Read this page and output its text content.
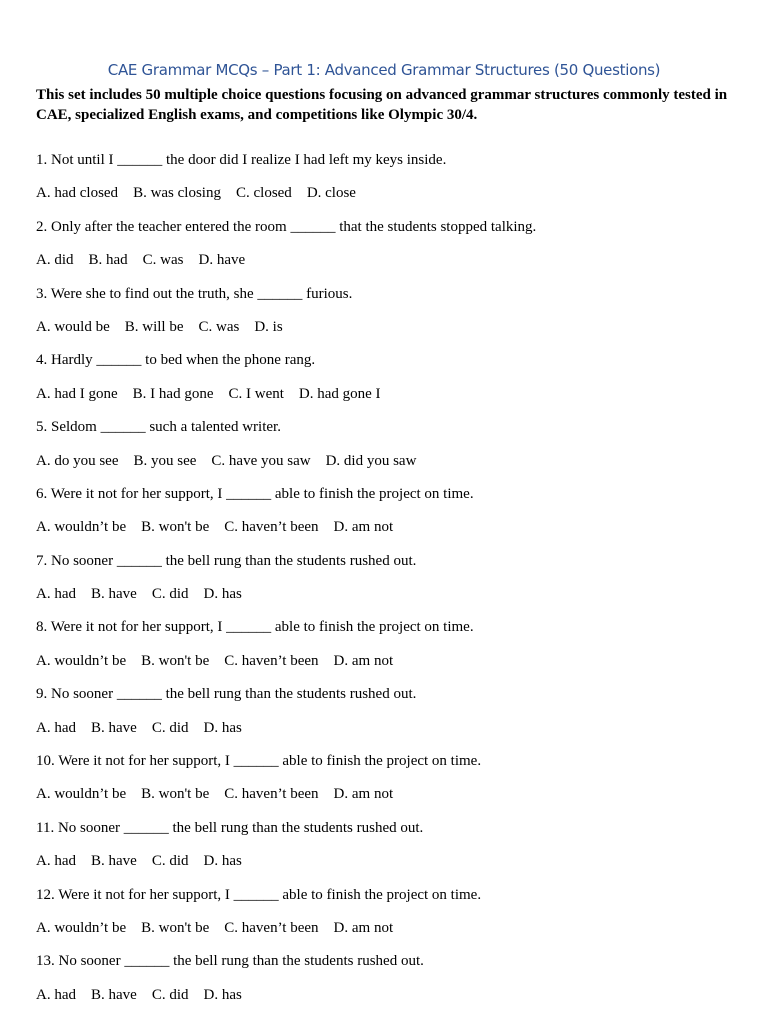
CAE Grammar MCQs – Part 1: Advanced Grammar Structures (50 Questions)
This set includes 50 multiple choice questions focusing on advanced grammar structures commonly tested in CAE, specialized English exams, and competitions like Olympic 30/4.
1. Not until I ______ the door did I realize I had left my keys inside.
A. had closed B. was closing C. closed D. close
2. Only after the teacher entered the room ______ that the students stopped talking.
A. did B. had C. was D. have
3. Were she to find out the truth, she ______ furious.
A. would be B. will be C. was D. is
4. Hardly ______ to bed when the phone rang.
A. had I gone B. I had gone C. I went D. had gone I
5. Seldom ______ such a talented writer.
A. do you see B. you see C. have you saw D. did you saw
6. Were it not for her support, I ______ able to finish the project on time.
A. wouldn’t be B. won't be C. haven’t been D. am not
7. No sooner ______ the bell rung than the students rushed out.
A. had B. have C. did D. has
8. Were it not for her support, I ______ able to finish the project on time.
A. wouldn’t be B. won't be C. haven’t been D. am not
9. No sooner ______ the bell rung than the students rushed out.
A. had B. have C. did D. has
10. Were it not for her support, I ______ able to finish the project on time.
A. wouldn’t be B. won't be C. haven’t been D. am not
11. No sooner ______ the bell rung than the students rushed out.
A. had B. have C. did D. has
12. Were it not for her support, I ______ able to finish the project on time.
A. wouldn’t be B. won't be C. haven’t been D. am not
13. No sooner ______ the bell rung than the students rushed out.
A. had B. have C. did D. has
